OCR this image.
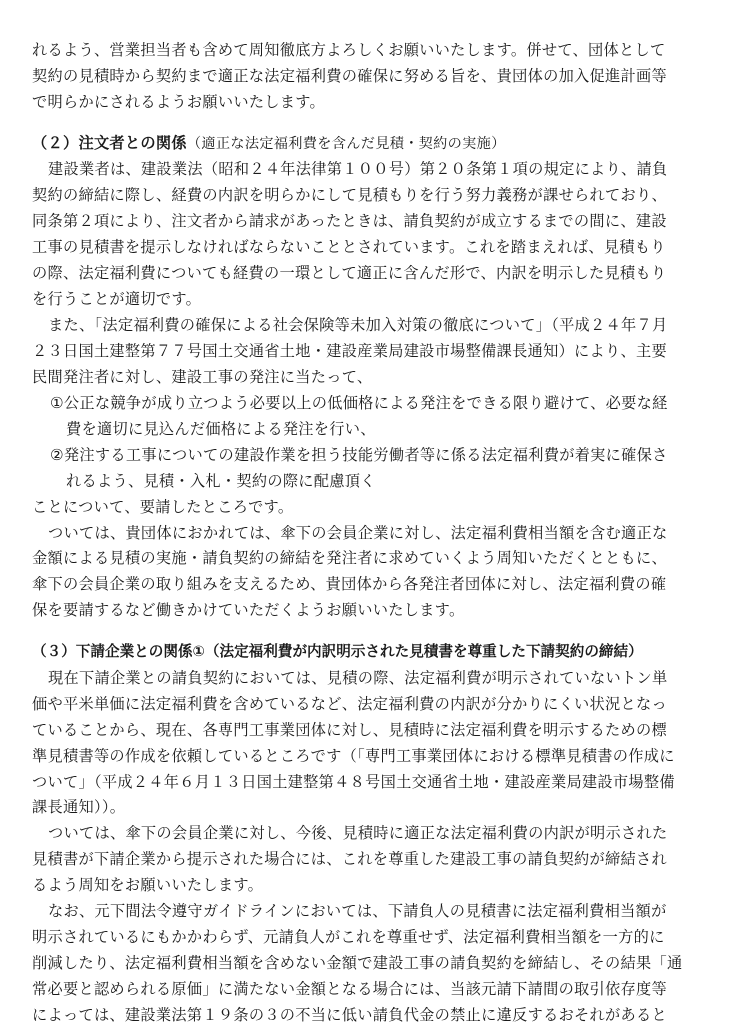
れるよう、営業担当者も含めて周知徹底方よろしくお願いいたします。併せて、団体として
契約の見積時から契約まで適正な法定福利費の確保に努める旨を、貴団体の加入促進計画等
で明らかにされるようお願いいたします。
（２）注文者との関係（適正な法定福利費を含んだ見積・契約の実施）
建設業者は、建設業法（昭和２４年法律第１００号）第２０条第１項の規定により、請負
契約の締結に際し、経費の内訳を明らかにして見積もりを行う努力義務が課せられており、
同条第２項により、注文者から請求があったときは、請負契約が成立するまでの間に、建設
工事の見積書を提示しなければならないこととされています。これを踏まえれば、見積もり
の際、法定福利費についても経費の一環として適正に含んだ形で、内訳を明示した見積もり
を行うことが適切です。
また、「法定福利費の確保による社会保険等未加入対策の徹底について」（平成２４年７月
２３日国土建整第７７号国土交通省土地・建設産業局建設市場整備課長通知）により、主要
民間発注者に対し、建設工事の発注に当たって、
①公正な競争が成り立つよう必要以上の低価格による発注をできる限り避けて、必要な経
費を適切に見込んだ価格による発注を行い、
②発注する工事についての建設作業を担う技能労働者等に係る法定福利費が着実に確保さ
れるよう、見積・入札・契約の際に配慮頂く
ことについて、要請したところです。
ついては、貴団体におかれては、傘下の会員企業に対し、法定福利費相当額を含む適正な
金額による見積の実施・請負契約の締結を発注者に求めていくよう周知いただくとともに、
傘下の会員企業の取り組みを支えるため、貴団体から各発注者団体に対し、法定福利費の確
保を要請するなど働きかけていただくようお願いいたします。
（３）下請企業との関係①（法定福利費が内訳明示された見積書を尊重した下請契約の締結）
現在下請企業との請負契約においては、見積の際、法定福利費が明示されていないトン単
価や平米単価に法定福利費を含めているなど、法定福利費の内訳が分かりにくい状況となっ
ていることから、現在、各専門工事業団体に対し、見積時に法定福利費を明示するための標
準見積書等の作成を依頼しているところです（「専門工事業団体における標準見積書の作成に
ついて」（平成２４年６月１３日国土建整第４８号国土交通省土地・建設産業局建設市場整備
課長通知））。
ついては、傘下の会員企業に対し、今後、見積時に適正な法定福利費の内訳が明示された
見積書が下請企業から提示された場合には、これを尊重した建設工事の請負契約が締結され
るよう周知をお願いいたします。
なお、元下間法令遵守ガイドラインにおいては、下請負人の見積書に法定福利費相当額が
明示されているにもかかわらず、元請負人がこれを尊重せず、法定福利費相当額を一方的に
削減したり、法定福利費相当額を含めない金額で建設工事の請負契約を締結し、その結果「通
常必要と認められる原価」に満たない金額となる場合には、当該元請下請間の取引依存度等
によっては、建設業法第１９条の３の不当に低い請負代金の禁止に違反するおそれがあると
